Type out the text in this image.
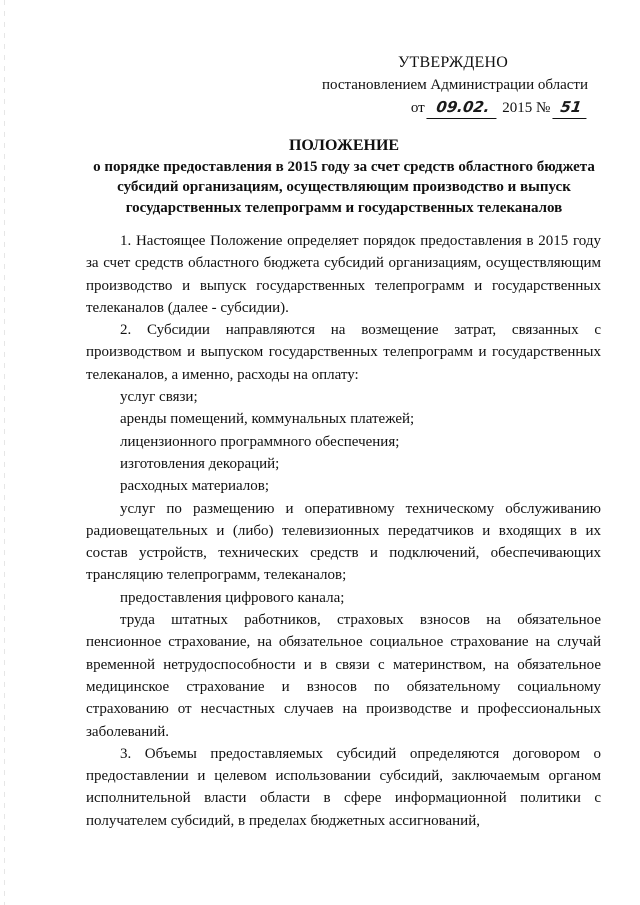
УТВЕРЖДЕНО
постановлением Администрации области
от 09.02. 2015 № 51
ПОЛОЖЕНИЕ
о порядке предоставления в 2015 году за счет средств областного бюджета
субсидий организациям, осуществляющим производство и выпуск
государственных телепрограмм и государственных телеканалов

1. Настоящее Положение определяет порядок предоставления в 2015 году за счет средств областного бюджета субсидий организациям, осуществляющим производство и выпуск государственных телепрограмм и государственных телеканалов (далее - субсидии).

2. Субсидии направляются на возмещение затрат, связанных с производством и выпуском государственных телепрограмм и государственных телеканалов, а именно, расходы на оплату:

услуг связи;

аренды помещений, коммунальных платежей;

лицензионного программного обеспечения;

изготовления декораций;

расходных материалов;

услуг по размещению и оперативному техническому обслуживанию радиовещательных и (либо) телевизионных передатчиков и входящих в их состав устройств, технических средств и подключений, обеспечивающих трансляцию телепрограмм, телеканалов;

предоставления цифрового канала;

труда штатных работников, страховых взносов на обязательное пенсионное страхование, на обязательное социальное страхование на случай временной нетрудоспособности и в связи с материнством, на обязательное медицинское страхование и взносов по обязательному социальному страхованию от несчастных случаев на производстве и профессиональных заболеваний.

3. Объемы предоставляемых субсидий определяются договором о предоставлении и целевом использовании субсидий, заключаемым органом исполнительной власти области в сфере информационной политики с получателем субсидий, в пределах бюджетных ассигнований,
